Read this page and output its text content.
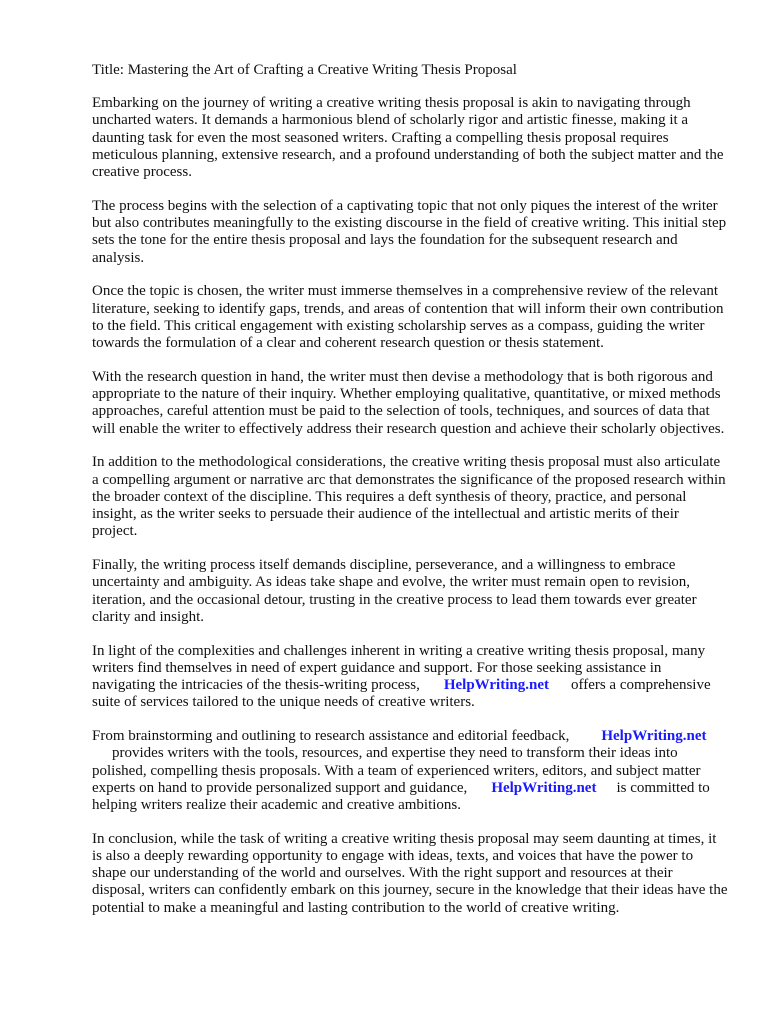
Title: Mastering the Art of Crafting a Creative Writing Thesis Proposal

Embarking on the journey of writing a creative writing thesis proposal is akin to navigating through uncharted waters. It demands a harmonious blend of scholarly rigor and artistic finesse, making it a daunting task for even the most seasoned writers. Crafting a compelling thesis proposal requires meticulous planning, extensive research, and a profound understanding of both the subject matter and the creative process.

The process begins with the selection of a captivating topic that not only piques the interest of the writer but also contributes meaningfully to the existing discourse in the field of creative writing. This initial step sets the tone for the entire thesis proposal and lays the foundation for the subsequent research and analysis.

Once the topic is chosen, the writer must immerse themselves in a comprehensive review of the relevant literature, seeking to identify gaps, trends, and areas of contention that will inform their own contribution to the field. This critical engagement with existing scholarship serves as a compass, guiding the writer towards the formulation of a clear and coherent research question or thesis statement.

With the research question in hand, the writer must then devise a methodology that is both rigorous and appropriate to the nature of their inquiry. Whether employing qualitative, quantitative, or mixed methods approaches, careful attention must be paid to the selection of tools, techniques, and sources of data that will enable the writer to effectively address their research question and achieve their scholarly objectives.

In addition to the methodological considerations, the creative writing thesis proposal must also articulate a compelling argument or narrative arc that demonstrates the significance of the proposed research within the broader context of the discipline. This requires a deft synthesis of theory, practice, and personal insight, as the writer seeks to persuade their audience of the intellectual and artistic merits of their project.

Finally, the writing process itself demands discipline, perseverance, and a willingness to embrace uncertainty and ambiguity. As ideas take shape and evolve, the writer must remain open to revision, iteration, and the occasional detour, trusting in the creative process to lead them towards ever greater clarity and insight.

In light of the complexities and challenges inherent in writing a creative writing thesis proposal, many writers find themselves in need of expert guidance and support. For those seeking assistance in navigating the intricacies of the thesis-writing process, HelpWriting.net offers a comprehensive suite of services tailored to the unique needs of creative writers.

From brainstorming and outlining to research assistance and editorial feedback, HelpWriting.net
provides writers with the tools, resources, and expertise they need to transform their ideas into polished, compelling thesis proposals. With a team of experienced writers, editors, and subject matter experts on hand to provide personalized support and guidance, HelpWriting.net is committed to helping writers realize their academic and creative ambitions.

In conclusion, while the task of writing a creative writing thesis proposal may seem daunting at times, it is also a deeply rewarding opportunity to engage with ideas, texts, and voices that have the power to shape our understanding of the world and ourselves. With the right support and resources at their disposal, writers can confidently embark on this journey, secure in the knowledge that their ideas have the potential to make a meaningful and lasting contribution to the world of creative writing.
